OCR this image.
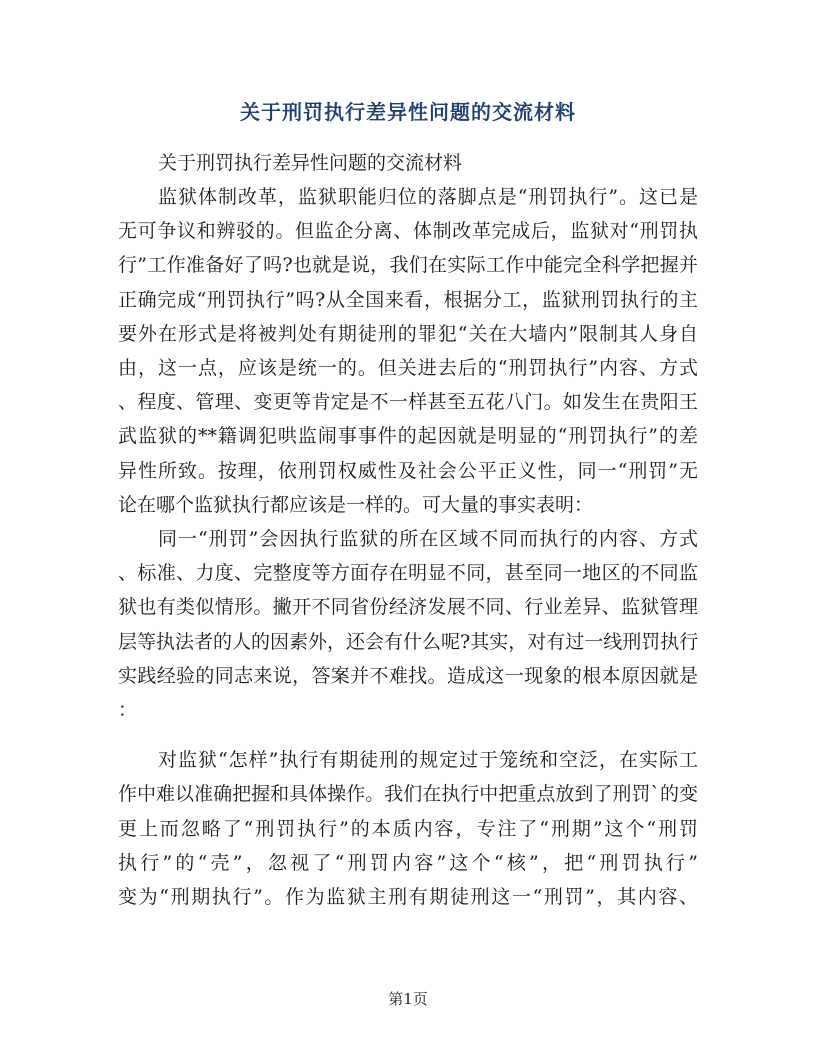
关于刑罚执行差异性问题的交流材料

关于刑罚执行差异性问题的交流材料

监狱体制改革，监狱职能归位的落脚点是“刑罚执行”。这已是
无可争议和辨驳的。但监企分离、体制改革完成后，监狱对“刑罚执
行”工作准备好了吗?也就是说，我们在实际工作中能完全科学把握并
正确完成“刑罚执行”吗?从全国来看，根据分工，监狱刑罚执行的主
要外在形式是将被判处有期徒刑的罪犯“关在大墙内”限制其人身自
由，这一点，应该是统一的。但关进去后的“刑罚执行”内容、方式
、程度、管理、变更等肯定是不一样甚至五花八门。如发生在贵阳王
武监狱的**籍调犯哄监闹事事件的起因就是明显的“刑罚执行”的差
异性所致。按理，依刑罚权威性及社会公平正义性，同一“刑罚”无
论在哪个监狱执行都应该是一样的。可大量的事实表明：

同一“刑罚”会因执行监狱的所在区域不同而执行的内容、方式
、标准、力度、完整度等方面存在明显不同，甚至同一地区的不同监
狱也有类似情形。撇开不同省份经济发展不同、行业差异、监狱管理
层等执法者的人的因素外，还会有什么呢?其实，对有过一线刑罚执行
实践经验的同志来说，答案并不难找。造成这一现象的根本原因就是
：

对监狱“怎样”执行有期徒刑的规定过于笼统和空泛，在实际工
作中难以准确把握和具体操作。我们在执行中把重点放到了刑罚`的变
更上而忽略了“刑罚执行”的本质内容，专注了“刑期”这个“刑罚
执行”的“壳”，忽视了“刑罚内容”这个“核”，把“刑罚执行”
变为“刑期执行”。作为监狱主刑有期徒刑这一“刑罚”，其内容、

第1页
